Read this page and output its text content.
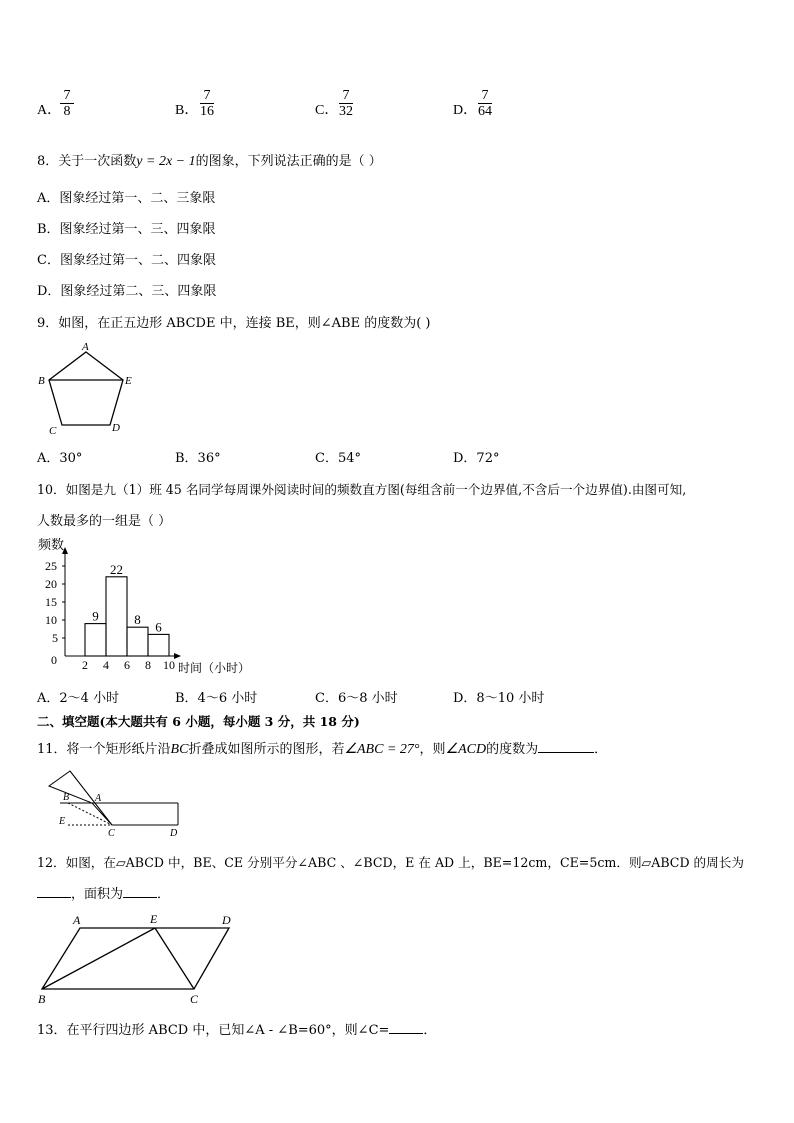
A．
7
8	B．
7
16	C．
7
32	D．
7
64
8．关于一次函数y = 2x − 1的图象，下列说法正确的是（ ）
A．图象经过第一、二、三象限
B．图象经过第一、三、四象限
C．图象经过第一、二、四象限
D．图象经过第二、三、四象限
9．如图，在正五边形 ABCDE 中，连接 BE，则∠ABE 的度数为( )
A
B	E
C	D
A．30°	B．36°	C．54°	D．72°
10．如图是九（1）班 45 名同学每周课外阅读时间的频数直方图(每组含前一个边界值,不含后一个边界值).由图可知,
人数最多的一组是（ ）
频数
时间（小时）
0
5
10
15
20
25
9
22
8 6
2 4 6 8 10
A．2～4 小时	B．4～6 小时	C．6～8 小时	D．8～10 小时
二、填空题(本大题共有 6 小题，每小题 3 分，共 18 分)
11．将一个矩形纸片沿BC折叠成如图所示的图形，若∠ABC = 27°，则∠ACD的度数为	．
B	A
E
C	D
12．如图，在▱ABCD 中，BE、CE 分别平分∠ABC 、∠BCD，E 在 AD 上，BE=12cm，CE=5cm．则▱ABCD 的周长为
，面积为	．
A	E	D
B	C
13．在平行四边形 ABCD 中，已知∠A - ∠B=60°，则∠C=	．
